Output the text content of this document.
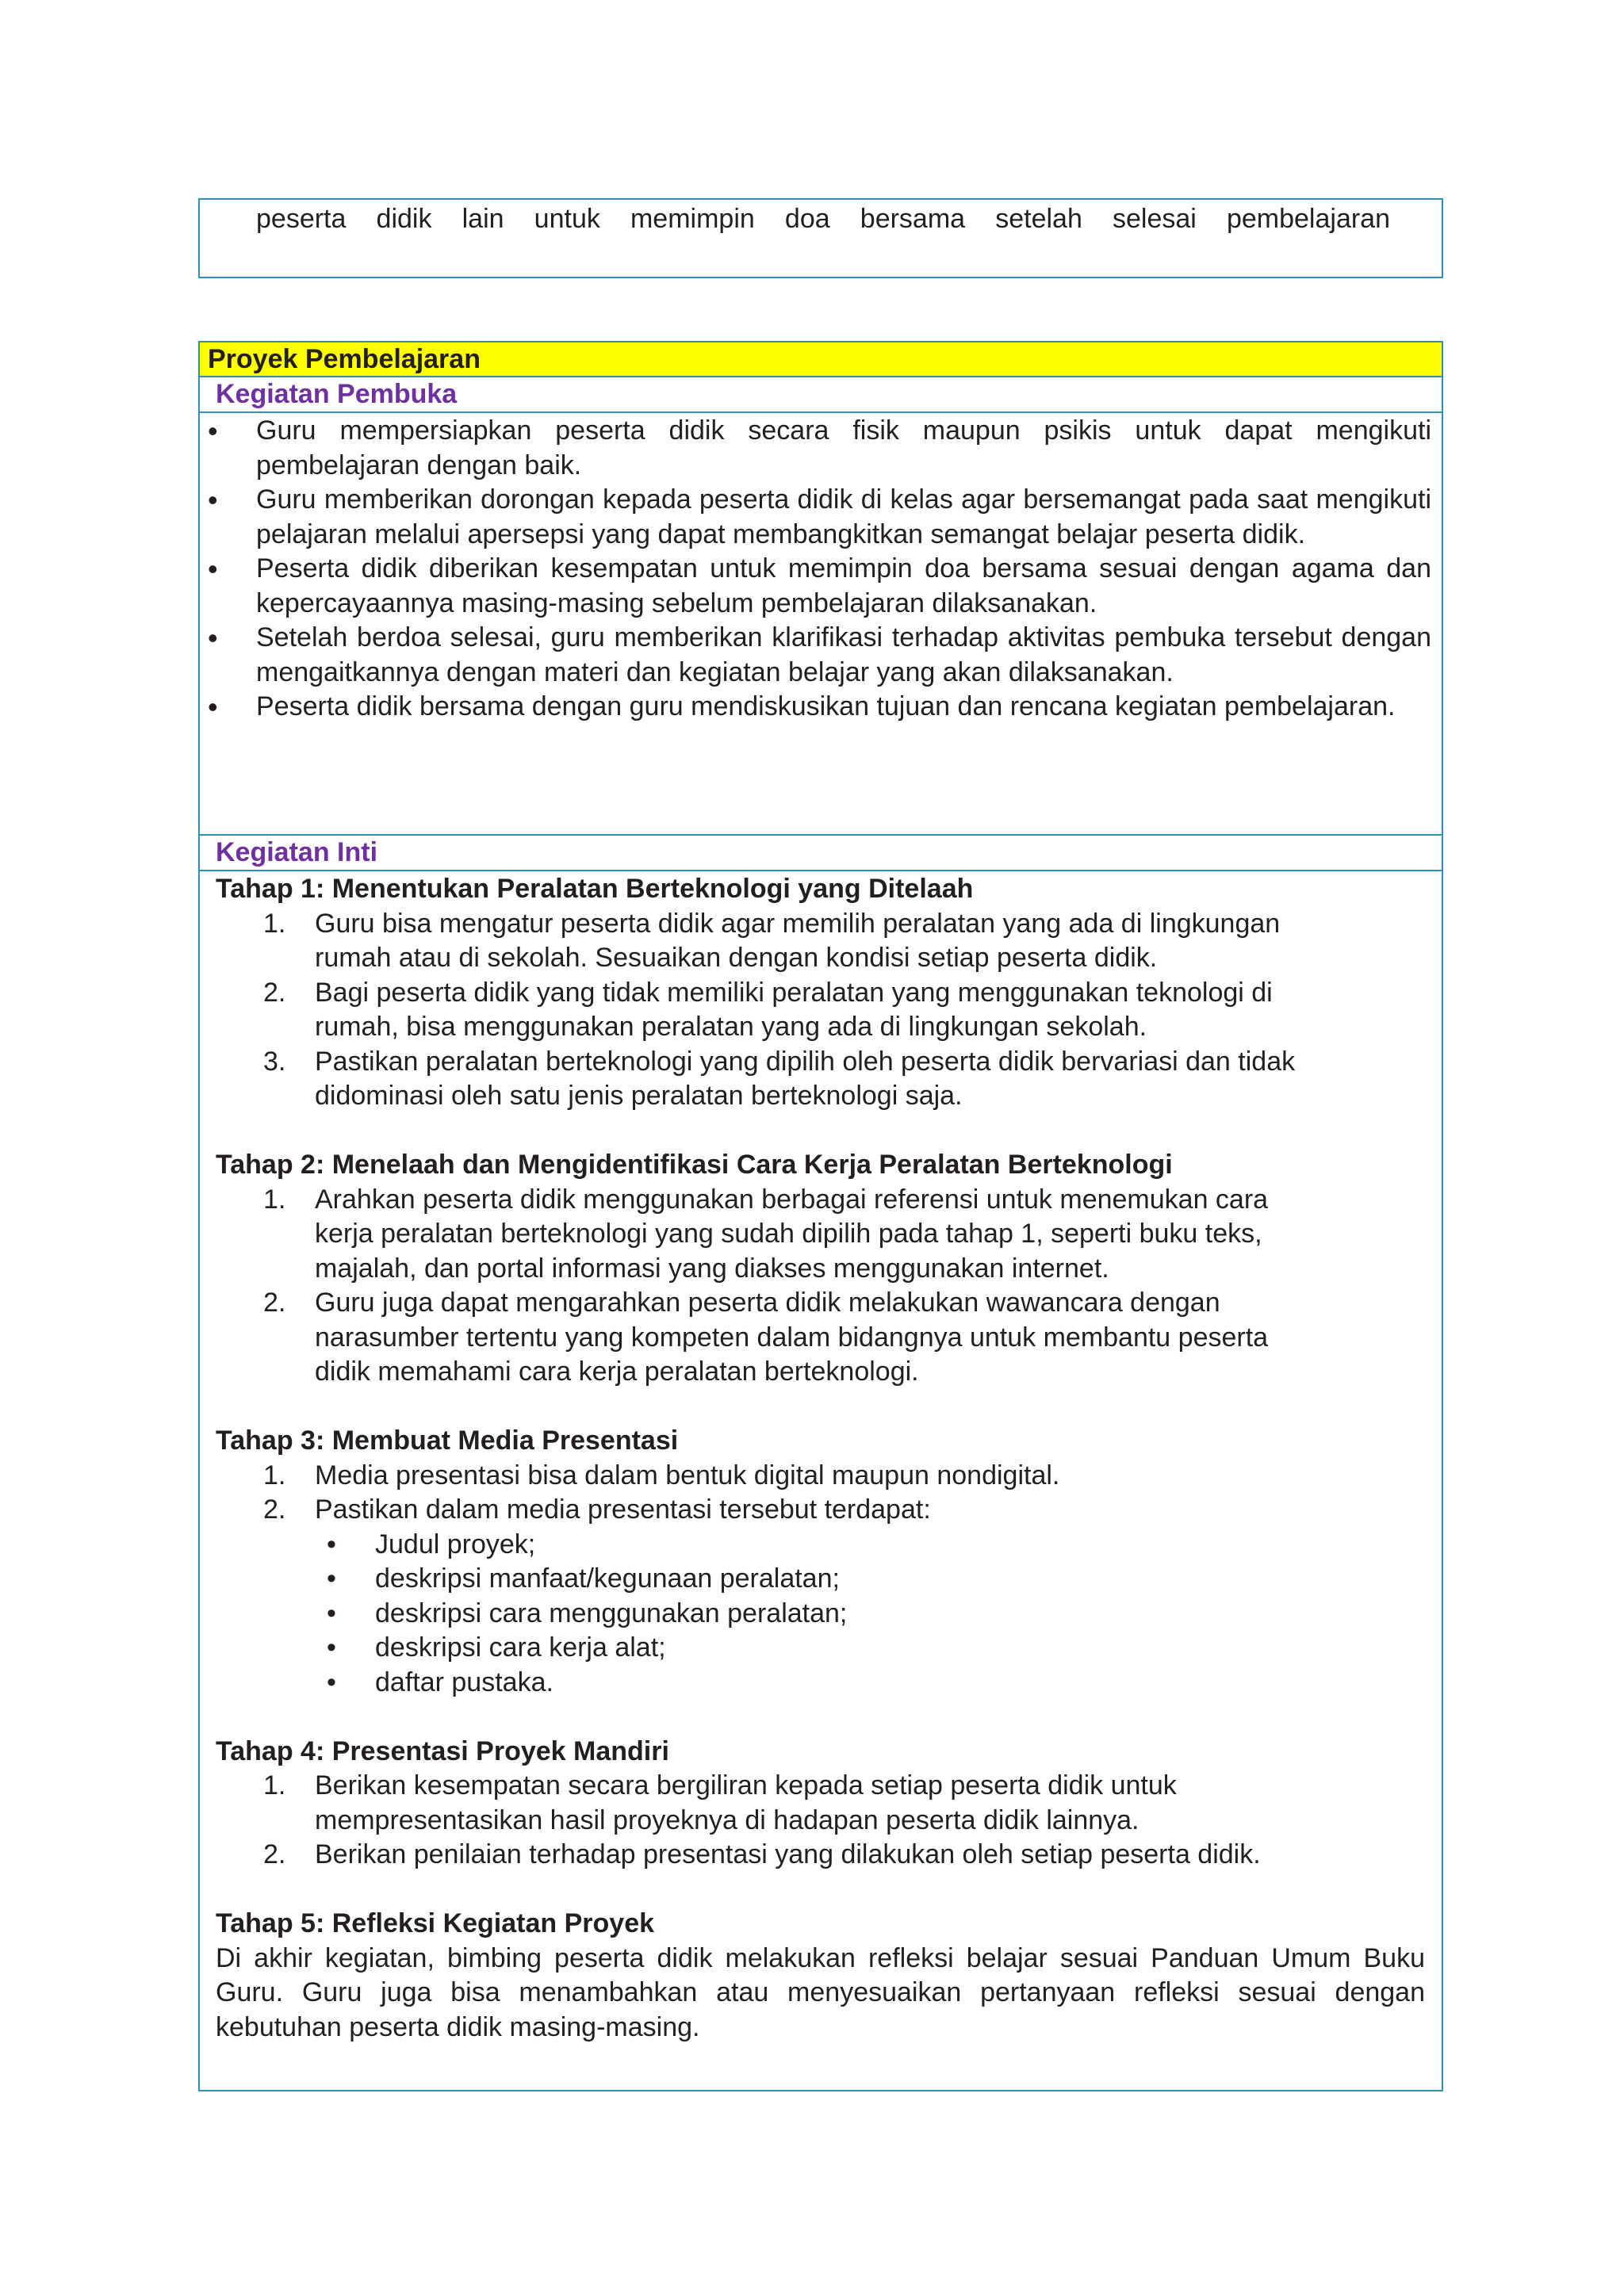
peserta didik lain untuk memimpin doa bersama setelah selesai pembelajaran
Proyek Pembelajaran
Kegiatan Pembuka
• Guru mempersiapkan peserta didik secara fisik maupun psikis untuk dapat mengikuti pembelajaran dengan baik.
• Guru memberikan dorongan kepada peserta didik di kelas agar bersemangat pada saat mengikuti pelajaran melalui apersepsi yang dapat membangkitkan semangat belajar peserta didik.
• Peserta didik diberikan kesempatan untuk memimpin doa bersama sesuai dengan agama dan kepercayaannya masing-masing sebelum pembelajaran dilaksanakan.
• Setelah berdoa selesai, guru memberikan klarifikasi terhadap aktivitas pembuka tersebut dengan mengaitkannya dengan materi dan kegiatan belajar yang akan dilaksanakan.
• Peserta didik bersama dengan guru mendiskusikan tujuan dan rencana kegiatan pembelajaran.
Kegiatan Inti
Tahap 1: Menentukan Peralatan Berteknologi yang Ditelaah
1. Guru bisa mengatur peserta didik agar memilih peralatan yang ada di lingkungan
rumah atau di sekolah. Sesuaikan dengan kondisi setiap peserta didik.
2. Bagi peserta didik yang tidak memiliki peralatan yang menggunakan teknologi di
rumah, bisa menggunakan peralatan yang ada di lingkungan sekolah.
3. Pastikan peralatan berteknologi yang dipilih oleh peserta didik bervariasi dan tidak
didominasi oleh satu jenis peralatan berteknologi saja.
Tahap 2: Menelaah dan Mengidentifikasi Cara Kerja Peralatan Berteknologi
1. Arahkan peserta didik menggunakan berbagai referensi untuk menemukan cara
kerja peralatan berteknologi yang sudah dipilih pada tahap 1, seperti buku teks,
majalah, dan portal informasi yang diakses menggunakan internet.
2. Guru juga dapat mengarahkan peserta didik melakukan wawancara dengan
narasumber tertentu yang kompeten dalam bidangnya untuk membantu peserta
didik memahami cara kerja peralatan berteknologi.
Tahap 3: Membuat Media Presentasi
1. Media presentasi bisa dalam bentuk digital maupun nondigital.
2. Pastikan dalam media presentasi tersebut terdapat:
• Judul proyek;
• deskripsi manfaat/kegunaan peralatan;
• deskripsi cara menggunakan peralatan;
• deskripsi cara kerja alat;
• daftar pustaka.
Tahap 4: Presentasi Proyek Mandiri
1. Berikan kesempatan secara bergiliran kepada setiap peserta didik untuk
mempresentasikan hasil proyeknya di hadapan peserta didik lainnya.
2. Berikan penilaian terhadap presentasi yang dilakukan oleh setiap peserta didik.
Tahap 5: Refleksi Kegiatan Proyek
Di akhir kegiatan, bimbing peserta didik melakukan refleksi belajar sesuai Panduan Umum Buku Guru. Guru juga bisa menambahkan atau menyesuaikan pertanyaan refleksi sesuai dengan kebutuhan peserta didik masing-masing.
